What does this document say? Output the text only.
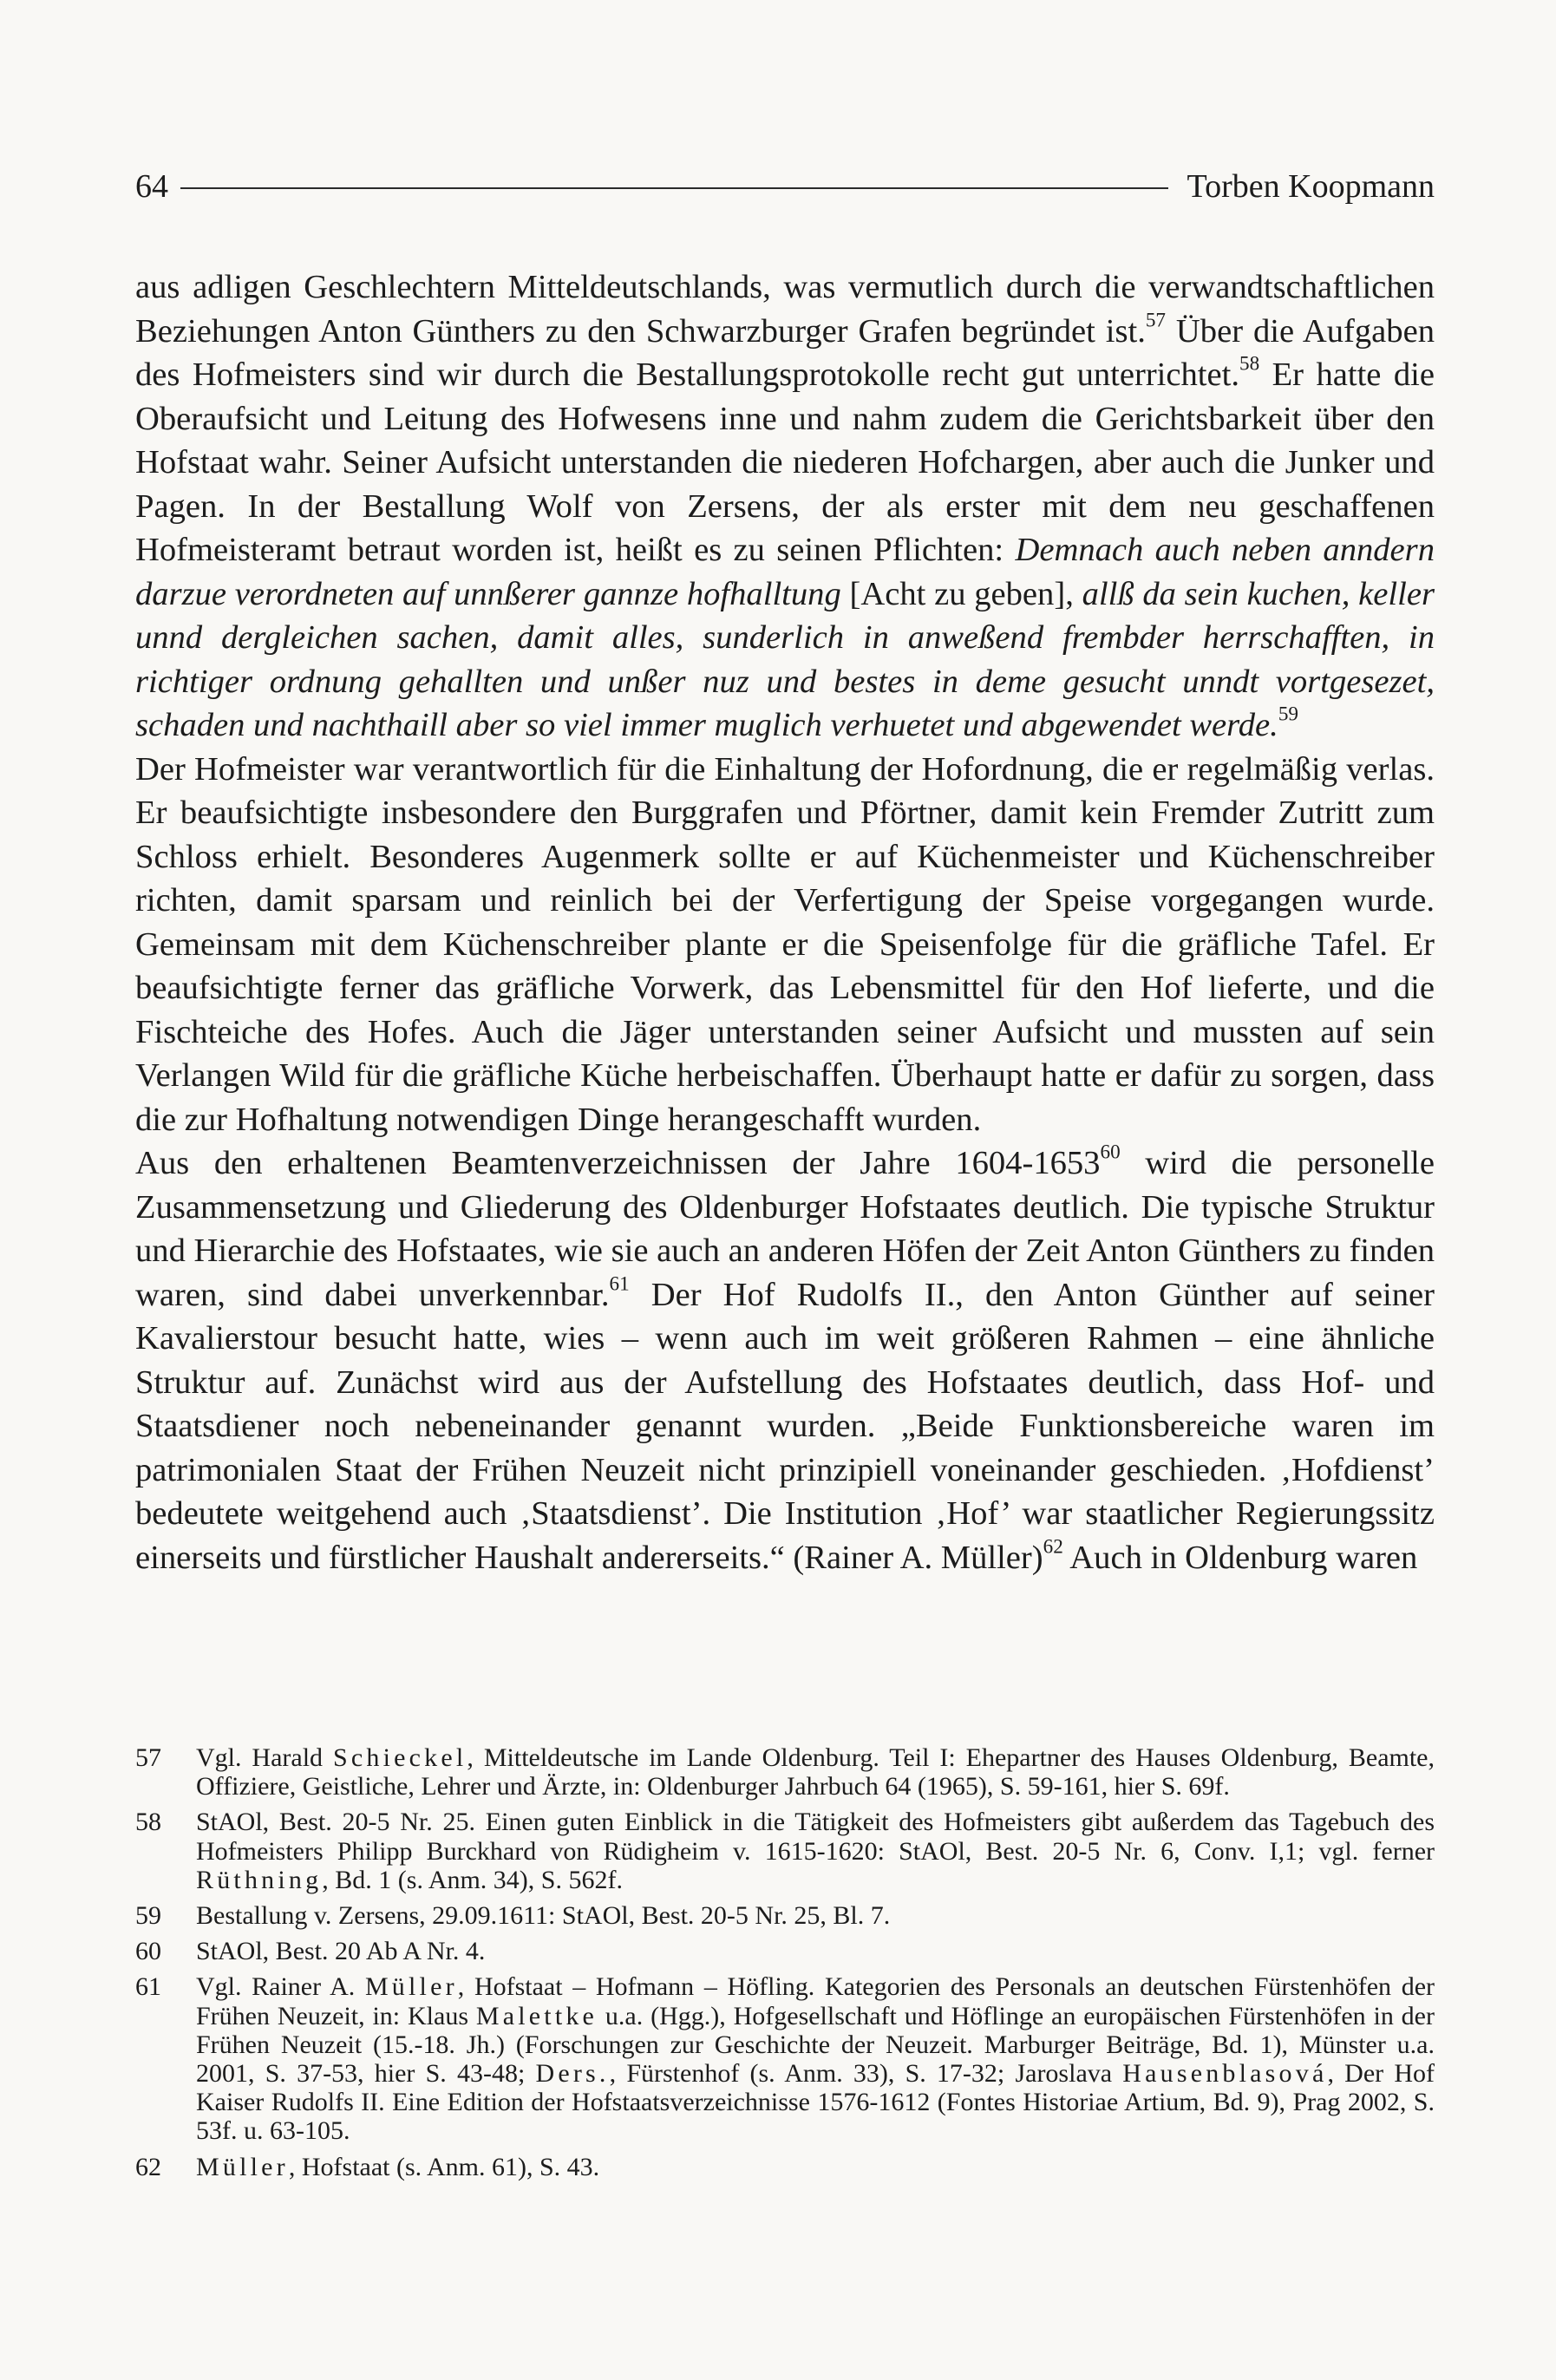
64	Torben Koopmann

aus adligen Geschlechtern Mitteldeutschlands, was vermutlich durch die verwandtschaftlichen Beziehungen Anton Günthers zu den Schwarzburger Grafen begründet ist.$^{57}$ Über die Aufgaben des Hofmeisters sind wir durch die Bestallungsprotokolle recht gut unterrichtet.$^{58}$ Er hatte die Oberaufsicht und Leitung des Hofwesens inne und nahm zudem die Gerichtsbarkeit über den Hofstaat wahr. Seiner Aufsicht unterstanden die niederen Hofchargen, aber auch die Junker und Pagen. In der Bestallung Wolf von Zersens, der als erster mit dem neu geschaffenen Hofmeisteramt betraut worden ist, heißt es zu seinen Pflichten: Demnach auch neben anndern darzue verordneten auf unnßerer gannze hofhalltung [Acht zu geben], allß da sein kuchen, keller unnd dergleichen sachen, damit alles, sunderlich in anweßend frembder herrschafften, in richtiger ordnung gehallten und unßer nuz und bestes in deme gesucht unndt vortgesezet, schaden und nachthaill aber so viel immer muglich verhuetet und abgewendet werde.$^{59}$

Der Hofmeister war verantwortlich für die Einhaltung der Hofordnung, die er regelmäßig verlas. Er beaufsichtigte insbesondere den Burggrafen und Pförtner, damit kein Fremder Zutritt zum Schloss erhielt. Besonderes Augenmerk sollte er auf Küchenmeister und Küchenschreiber richten, damit sparsam und reinlich bei der Verfertigung der Speise vorgegangen wurde. Gemeinsam mit dem Küchenschreiber plante er die Speisenfolge für die gräfliche Tafel. Er beaufsichtigte ferner das gräfliche Vorwerk, das Lebensmittel für den Hof lieferte, und die Fischteiche des Hofes. Auch die Jäger unterstanden seiner Aufsicht und mussten auf sein Verlangen Wild für die gräfliche Küche herbeischaffen. Überhaupt hatte er dafür zu sorgen, dass die zur Hofhaltung notwendigen Dinge herangeschafft wurden.

Aus den erhaltenen Beamtenverzeichnissen der Jahre 1604-1653$^{60}$ wird die personelle Zusammensetzung und Gliederung des Oldenburger Hofstaates deutlich. Die typische Struktur und Hierarchie des Hofstaates, wie sie auch an anderen Höfen der Zeit Anton Günthers zu finden waren, sind dabei unverkennbar.$^{61}$ Der Hof Rudolfs II., den Anton Günther auf seiner Kavalierstour besucht hatte, wies – wenn auch im weit größeren Rahmen – eine ähnliche Struktur auf. Zunächst wird aus der Aufstellung des Hofstaates deutlich, dass Hof- und Staatsdiener noch nebeneinander genannt wurden. „Beide Funktionsbereiche waren im patrimonialen Staat der Frühen Neuzeit nicht prinzipiell voneinander geschieden. ‚Hofdienst’ bedeutete weitgehend auch ‚Staatsdienst’. Die Institution ‚Hof’ war staatlicher Regierungssitz einerseits und fürstlicher Haushalt andererseits.“ (Rainer A. Müller)$^{62}$ Auch in Oldenburg waren

57	Vgl. Harald Schieckel, Mitteldeutsche im Lande Oldenburg. Teil I: Ehepartner des Hauses Oldenburg, Beamte, Offiziere, Geistliche, Lehrer und Ärzte, in: Oldenburger Jahrbuch 64 (1965), S. 59-161, hier S. 69f.
58	StAOl, Best. 20-5 Nr. 25. Einen guten Einblick in die Tätigkeit des Hofmeisters gibt außerdem das Tagebuch des Hofmeisters Philipp Burckhard von Rüdigheim v. 1615-1620: StAOl, Best. 20-5 Nr. 6, Conv. I,1; vgl. ferner Rüthning, Bd. 1 (s. Anm. 34), S. 562f.
59	Bestallung v. Zersens, 29.09.1611: StAOl, Best. 20-5 Nr. 25, Bl. 7.
60	StAOl, Best. 20 Ab A Nr. 4.
61	Vgl. Rainer A. Müller, Hofstaat – Hofmann – Höfling. Kategorien des Personals an deutschen Fürstenhöfen der Frühen Neuzeit, in: Klaus Malettke u.a. (Hgg.), Hofgesellschaft und Höflinge an europäischen Fürstenhöfen in der Frühen Neuzeit (15.-18. Jh.) (Forschungen zur Geschichte der Neuzeit. Marburger Beiträge, Bd. 1), Münster u.a. 2001, S. 37-53, hier S. 43-48; Ders., Fürstenhof (s. Anm. 33), S. 17-32; Jaroslava Hausenblasová, Der Hof Kaiser Rudolfs II. Eine Edition der Hofstaatsverzeichnisse 1576-1612 (Fontes Historiae Artium, Bd. 9), Prag 2002, S. 53f. u. 63-105.
62	Müller, Hofstaat (s. Anm. 61), S. 43.
